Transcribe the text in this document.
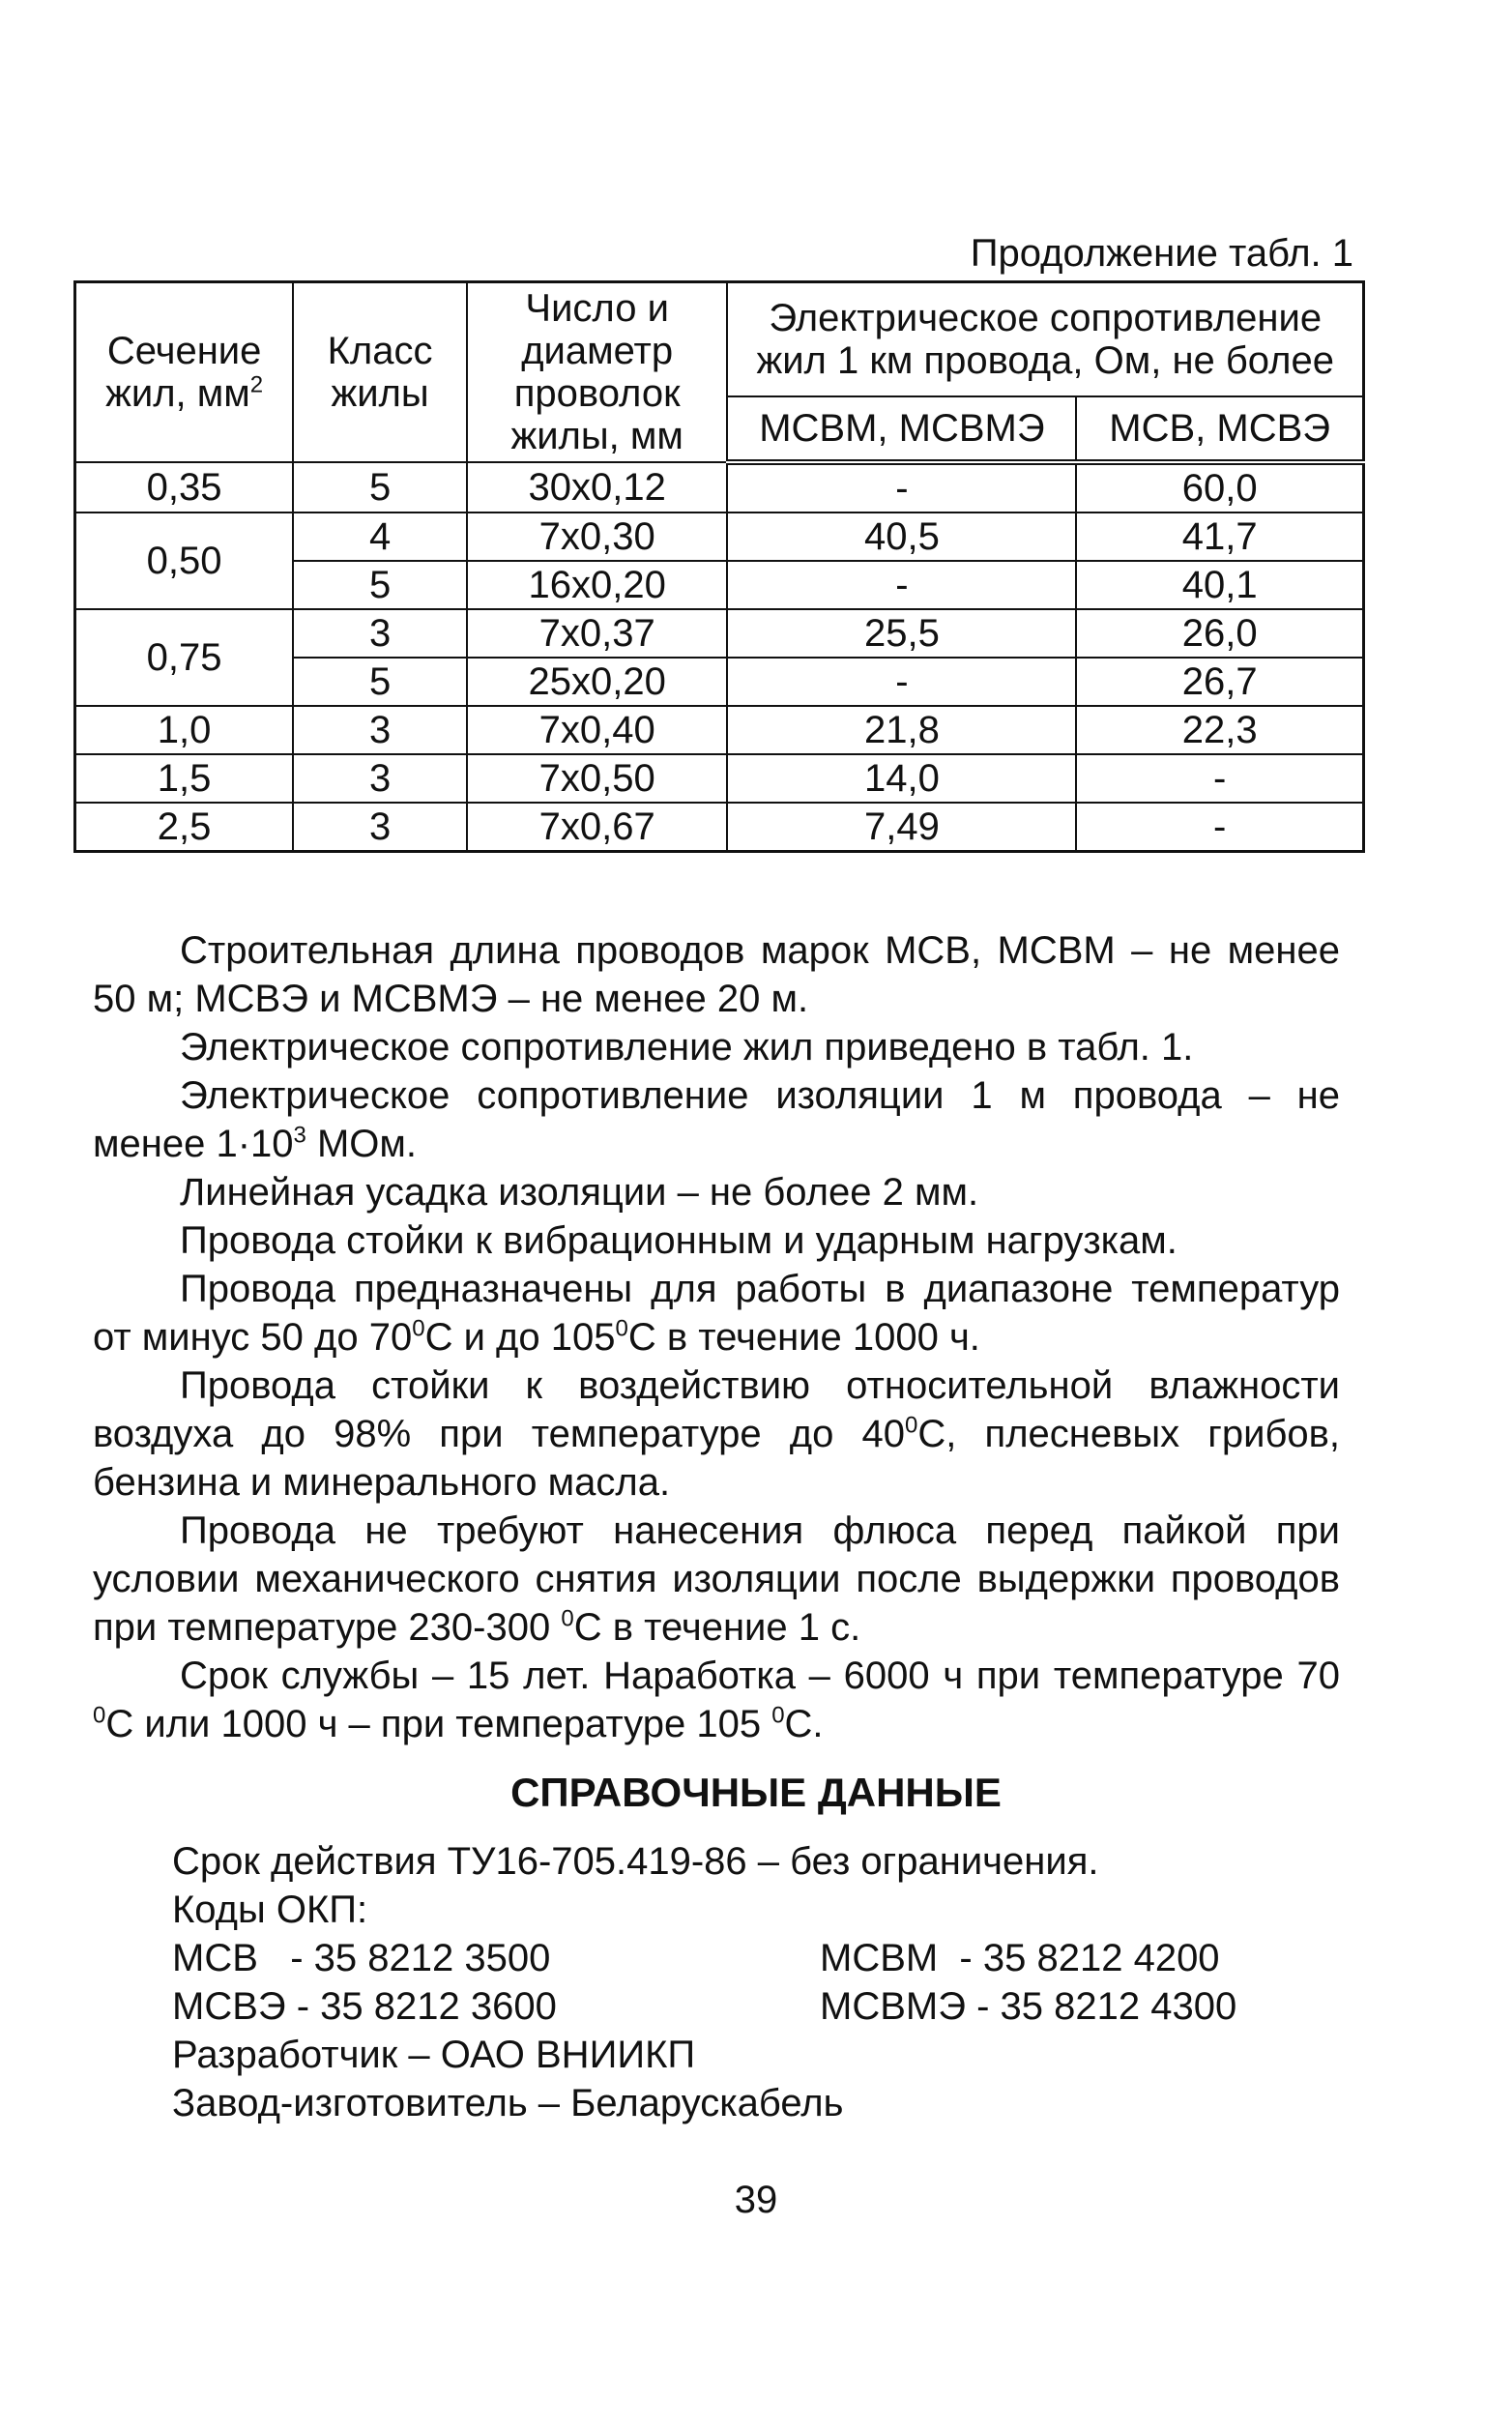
Продолжение табл. 1
Сечение жил, $мм^2$	Класс жилы	Число и диаметр проволок жилы, мм	Электрическое сопротивление жил 1 км провода, Ом, не более	
			МСВМ, МСВМЭ	МСВ, МСВЭ
0,35	5	30х0,12	-	60,0
0,50	4	7х0,30	40,5	41,7
	5	16х0,20	-	40,1
0,75	3	7х0,37	25,5	26,0
	5	25х0,20	-	26,7
1,0	3	7х0,40	21,8	22,3
1,5	3	7х0,50	14,0	-
2,5	3	7х0,67	7,49	-

Строительная длина проводов марок МСВ, МСВМ – не менее 50 м; МСВЭ и МСВМЭ – не менее 20 м.

Электрическое сопротивление жил приведено в табл. 1.

Электрическое сопротивление изоляции 1 м провода – не менее $1\cdot 10^3$ МОм.

Линейная усадка изоляции – не более 2 мм.

Провода стойки к вибрационным и ударным нагрузкам.

Провода предназначены для работы в диапазоне температур от минус 50 до $70^0С$ и до $105^0С$ в течение 1000 ч.

Провода стойки к воздействию относительной влажности воздуха до 98% при температуре до $40^0С$, плесневых грибов, бензина и минерального масла.

Провода не требуют нанесения флюса перед пайкой при условии механического снятия изоляции после выдержки проводов при температуре 230-300 $^0$С в течение 1 с.

Срок службы – 15 лет. Наработка – 6000 ч при температуре 70 $^0$С или 1000 ч – при температуре 105 $^0$С.

СПРАВОЧНЫЕ ДАННЫЕ
Срок действия ТУ16-705.419-86 – без ограничения.
Коды ОКП:
МСВ   - 35 8212 3500	МСВМ  - 35 8212 4200
МСВЭ - 35 8212 3600	МСВМЭ - 35 8212 4300
Разработчик – ОАО ВНИИКП
Завод-изготовитель – Беларускабель
39
